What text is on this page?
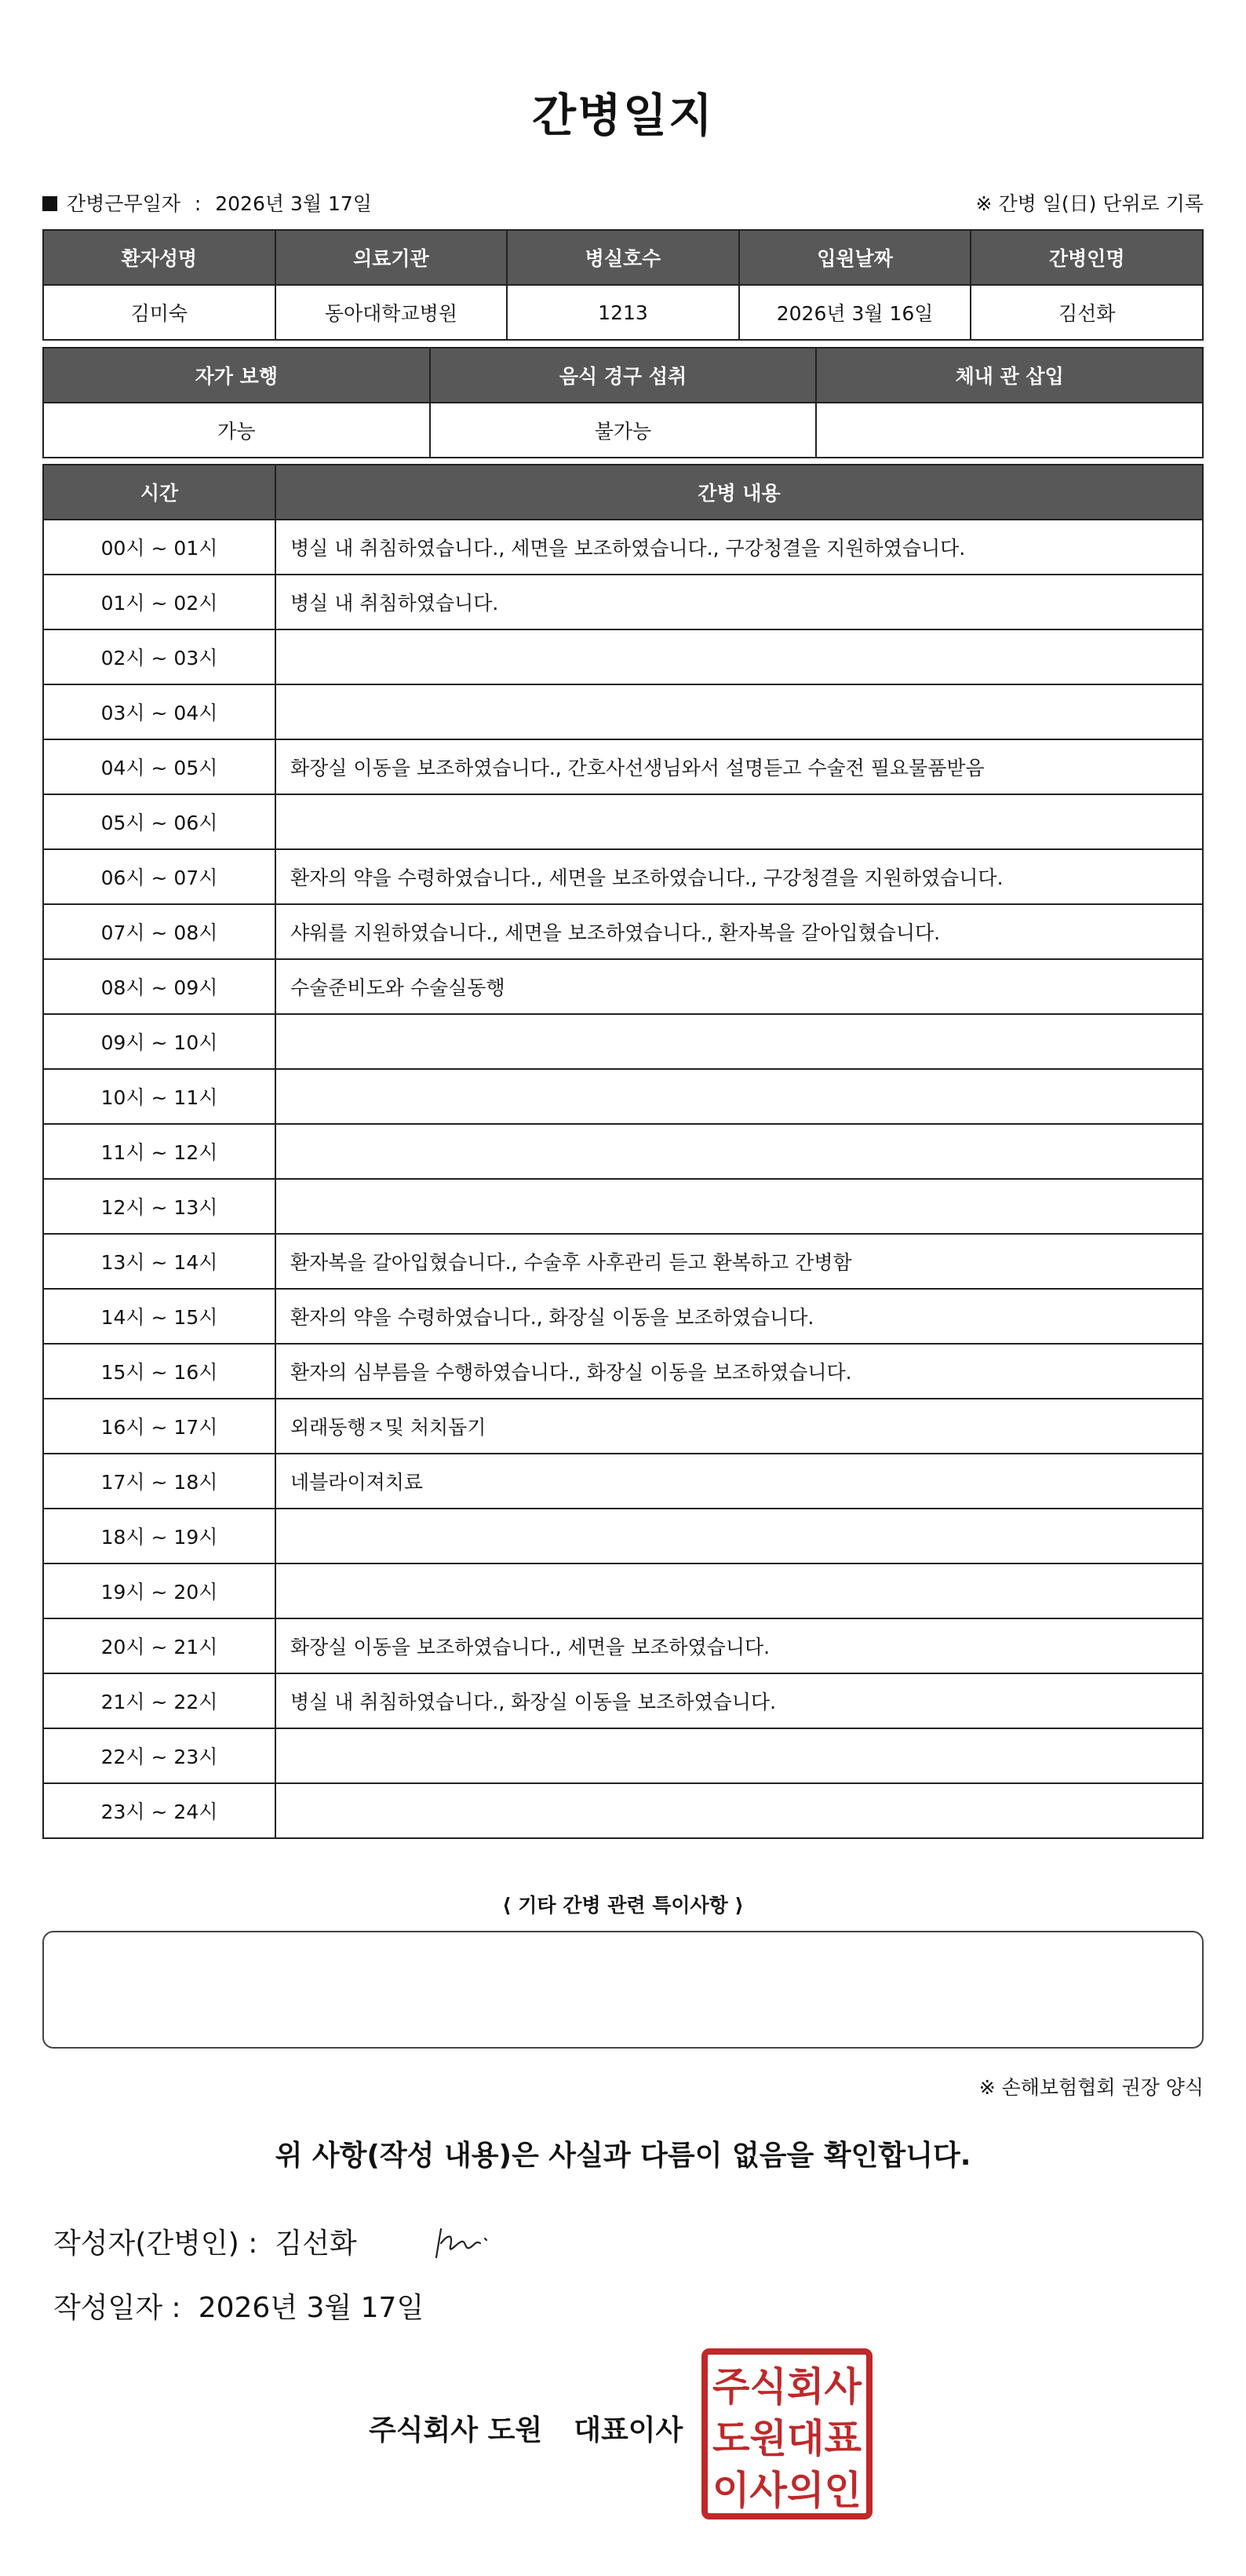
간병일지
간병근무일자 : 2026년 3월 17일	※ 간병 일(日) 단위로 기록
환자성명	의료기관	병실호수	입원날짜	간병인명
김미숙	동아대학교병원	1213	2026년 3월 16일	김선화
자가 보행	음식 경구 섭취	체내 관 삽입
가능	불가능	
시간	간병 내용
00시 ~ 01시	병실 내 취침하였습니다., 세면을 보조하였습니다., 구강청결을 지원하였습니다.
01시 ~ 02시	병실 내 취침하였습니다.
02시 ~ 03시	
03시 ~ 04시	
04시 ~ 05시	화장실 이동을 보조하였습니다., 간호사선생님와서 설명듣고 수술전 필요물품받음
05시 ~ 06시	
06시 ~ 07시	환자의 약을 수령하였습니다., 세면을 보조하였습니다., 구강청결을 지원하였습니다.
07시 ~ 08시	샤워를 지원하였습니다., 세면을 보조하였습니다., 환자복을 갈아입혔습니다.
08시 ~ 09시	수술준비도와 수술실동행
09시 ~ 10시	
10시 ~ 11시	
11시 ~ 12시	
12시 ~ 13시	
13시 ~ 14시	환자복을 갈아입혔습니다., 수술후 사후관리 듣고 환복하고 간병함
14시 ~ 15시	환자의 약을 수령하였습니다., 화장실 이동을 보조하였습니다.
15시 ~ 16시	환자의 심부름을 수행하였습니다., 화장실 이동을 보조하였습니다.
16시 ~ 17시	외래동행ㅈ및 처치돕기
17시 ~ 18시	네블라이져치료
18시 ~ 19시	
19시 ~ 20시	
20시 ~ 21시	화장실 이동을 보조하였습니다., 세면을 보조하였습니다.
21시 ~ 22시	병실 내 취침하였습니다., 화장실 이동을 보조하였습니다.
22시 ~ 23시	
23시 ~ 24시	
⟨ 기타 간병 관련 특이사항 ⟩
※ 손해보험협회 권장 양식
위 사항(작성 내용)은 사실과 다름이 없음을 확인합니다.
작성자(간병인) : 김선화
작성일자 : 2026년 3월 17일
주식회사 도원 대표이사
주식회사
도원대표
이사의인
